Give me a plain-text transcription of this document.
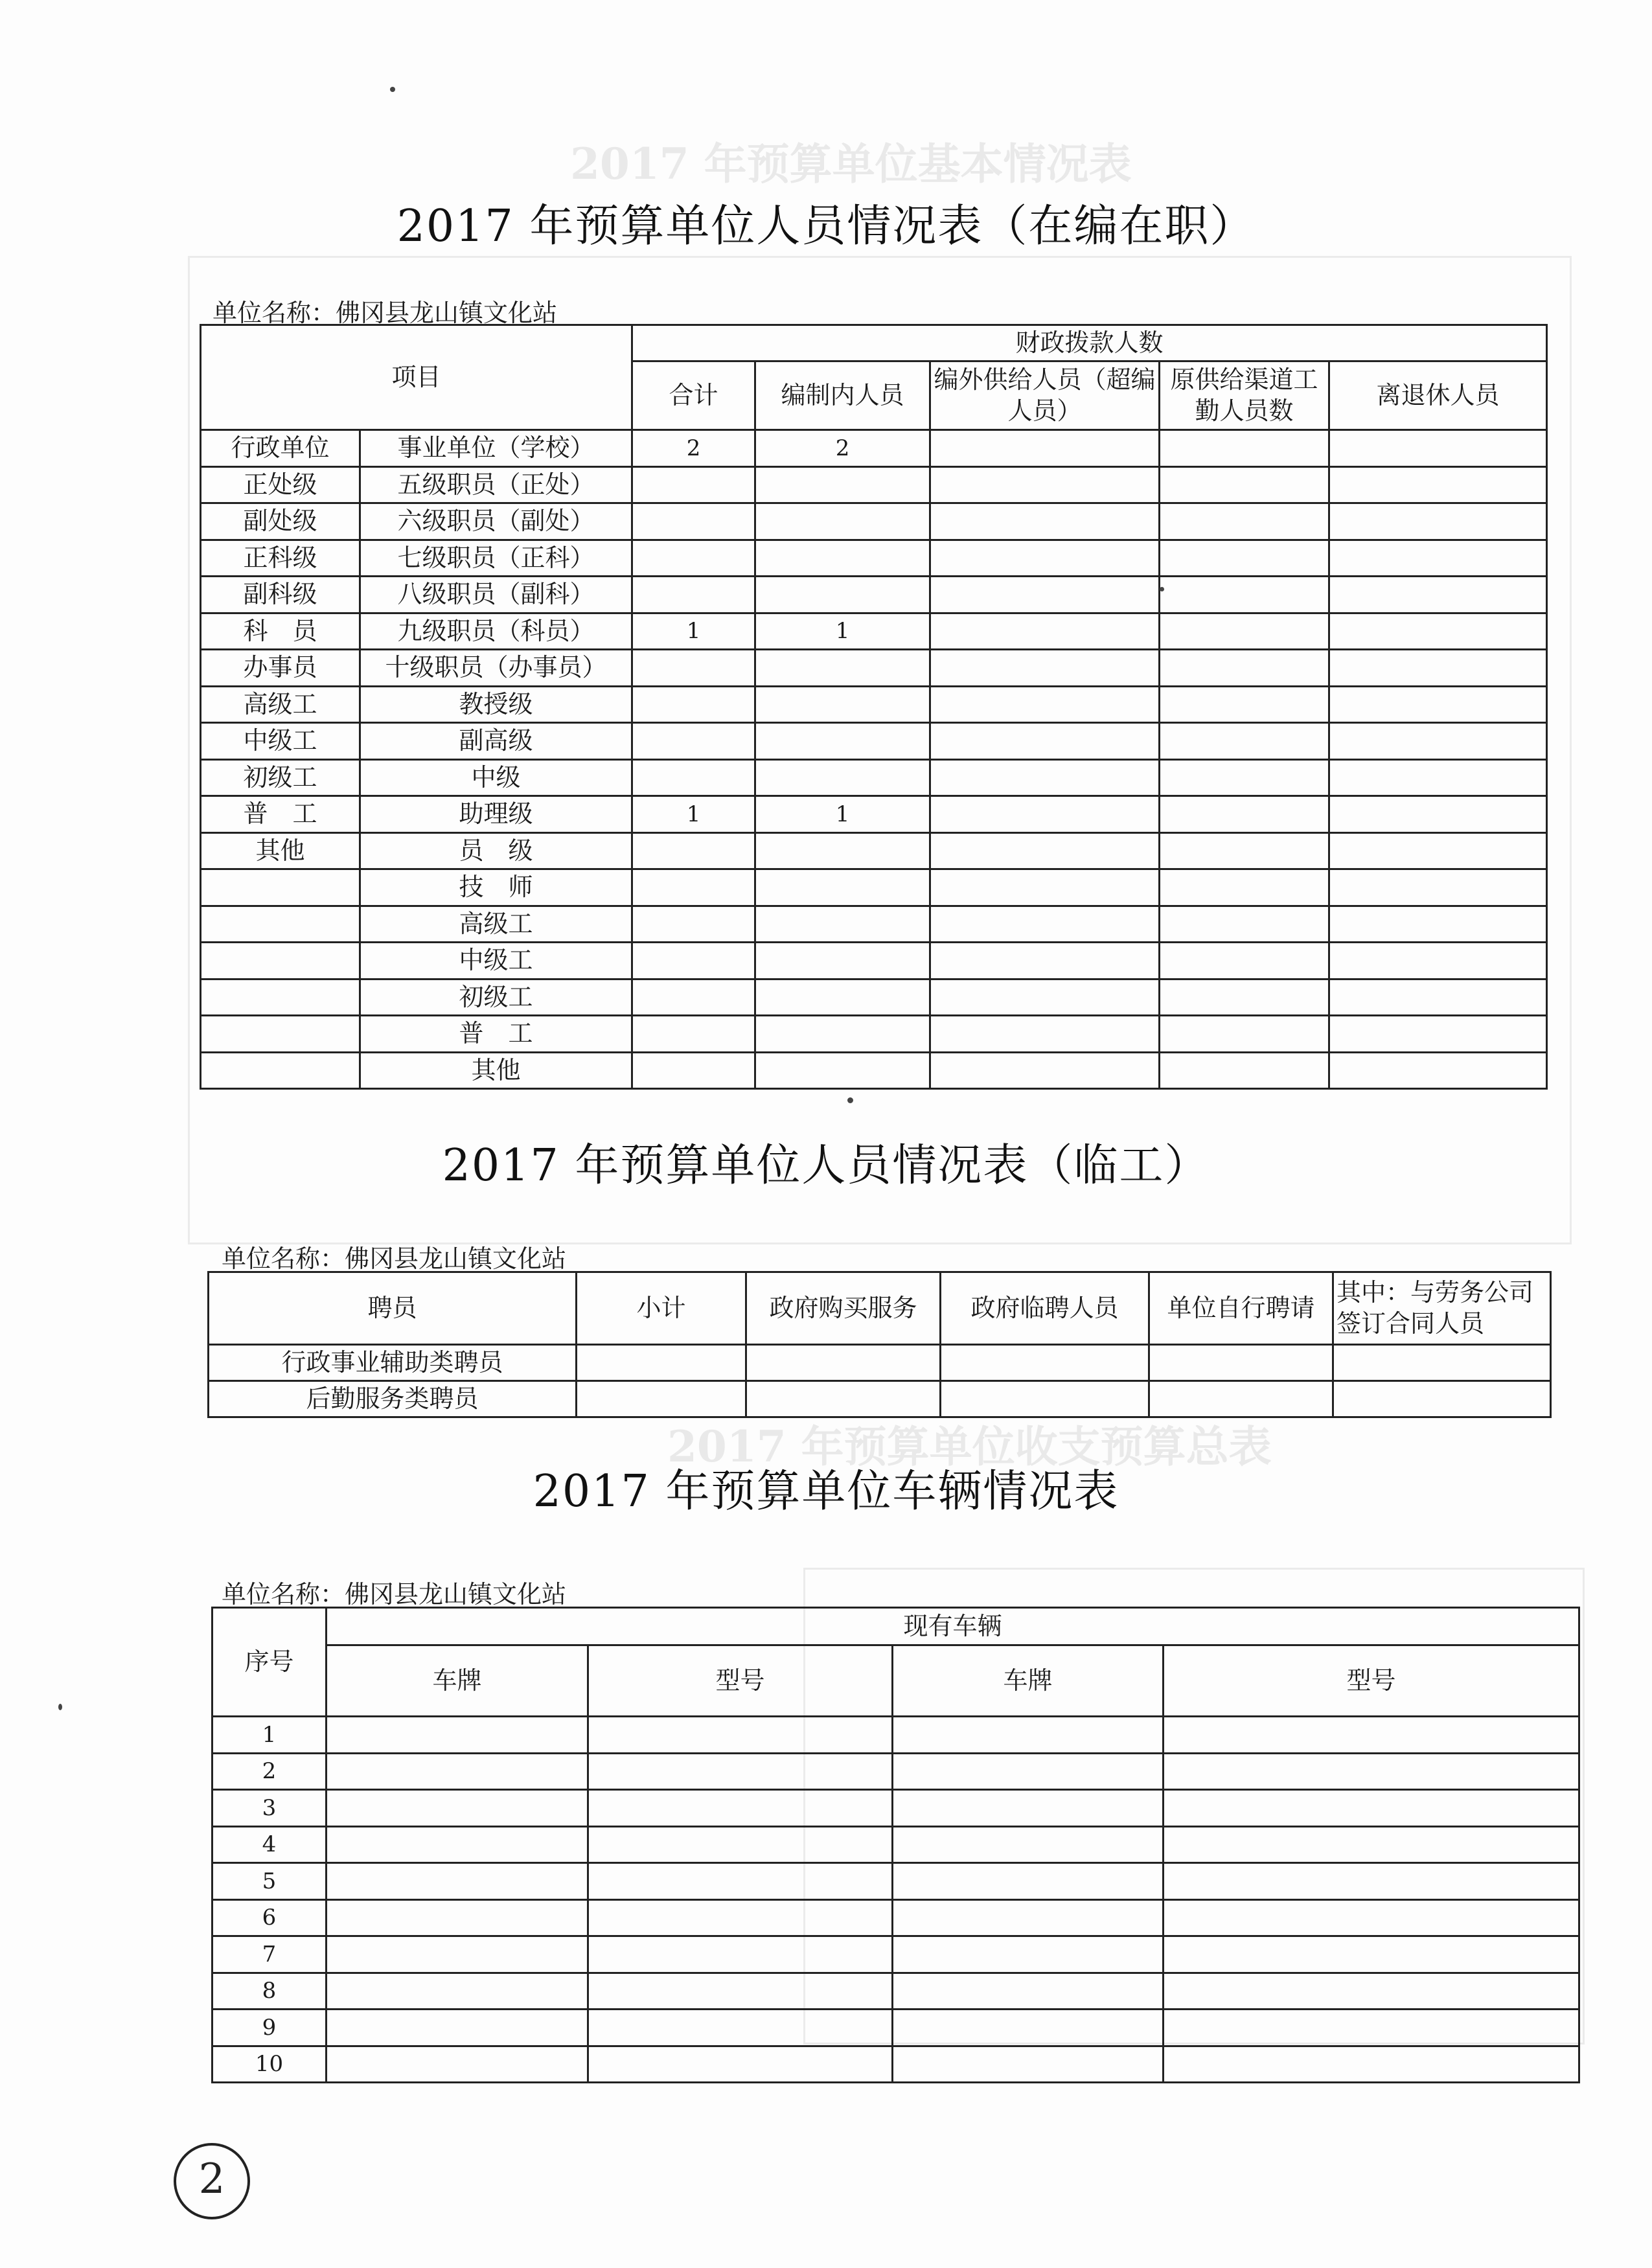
2017 年预算单位基本情况表
2017 年预算单位收支预算总表
2017 年预算单位人员情况表（在编在职）
单位名称：佛冈县龙山镇文化站
项目		财政拨款人数				
		合计	编制内人员	编外供给人员（超编人员）	原供给渠道工勤人员数	离退休人员
行政单位	事业单位（学校）	2	2			
正处级	五级职员（正处）					
副处级	六级职员（副处）					
正科级	七级职员（正科）					
副科级	八级职员（副科）					
科　员	九级职员（科员）	1	1			
办事员	十级职员（办事员）					
高级工	教授级					
中级工	副高级					
初级工	中级					
普　工	助理级	1	1			
其他	员　级					
	技　师					
	高级工					
	中级工					
	初级工					
	普　工					
	其他					
2017 年预算单位人员情况表（临工）
单位名称：佛冈县龙山镇文化站
聘员	小计	政府购买服务	政府临聘人员	单位自行聘请	其中：与劳务公司签订合同人员
行政事业辅助类聘员					
后勤服务类聘员					
2017 年预算单位车辆情况表
单位名称：佛冈县龙山镇文化站
序号	现有车辆			
	车牌	型号	车牌	型号
1				
2				
3				
4				
5				
6				
7				
8				
9				
10				
2
